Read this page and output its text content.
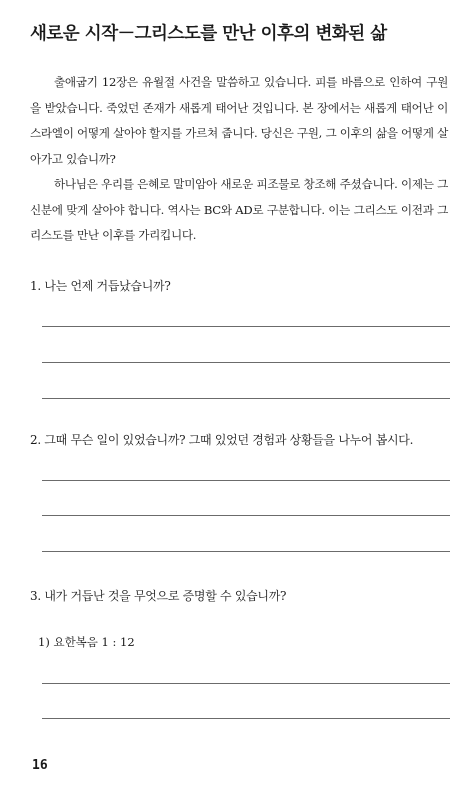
새로운 시작－그리스도를 만난 이후의 변화된 삶

출애굽기 12장은 유월절 사건을 말씀하고 있습니다. 피를 바름으로 인하여 구원을 받았습니다. 죽었던 존재가 새롭게 태어난 것입니다. 본 장에서는 새롭게 태어난 이스라엘이 어떻게 살아야 할지를 가르쳐 줍니다. 당신은 구원, 그 이후의 삶을 어떻게 살아가고 있습니까?

하나님은 우리를 은혜로 말미암아 새로운 피조물로 창조해 주셨습니다. 이제는 그 신분에 맞게 살아야 합니다. 역사는 BC와 AD로 구분합니다. 이는 그리스도 이전과 그리스도를 만난 이후를 가리킵니다.

1. 나는 언제 거듭났습니까?
2. 그때 무슨 일이 있었습니까? 그때 있었던 경험과 상황들을 나누어 봅시다.
3. 내가 거듭난 것을 무엇으로 증명할 수 있습니까?
1) 요한복음 1 : 12
16
